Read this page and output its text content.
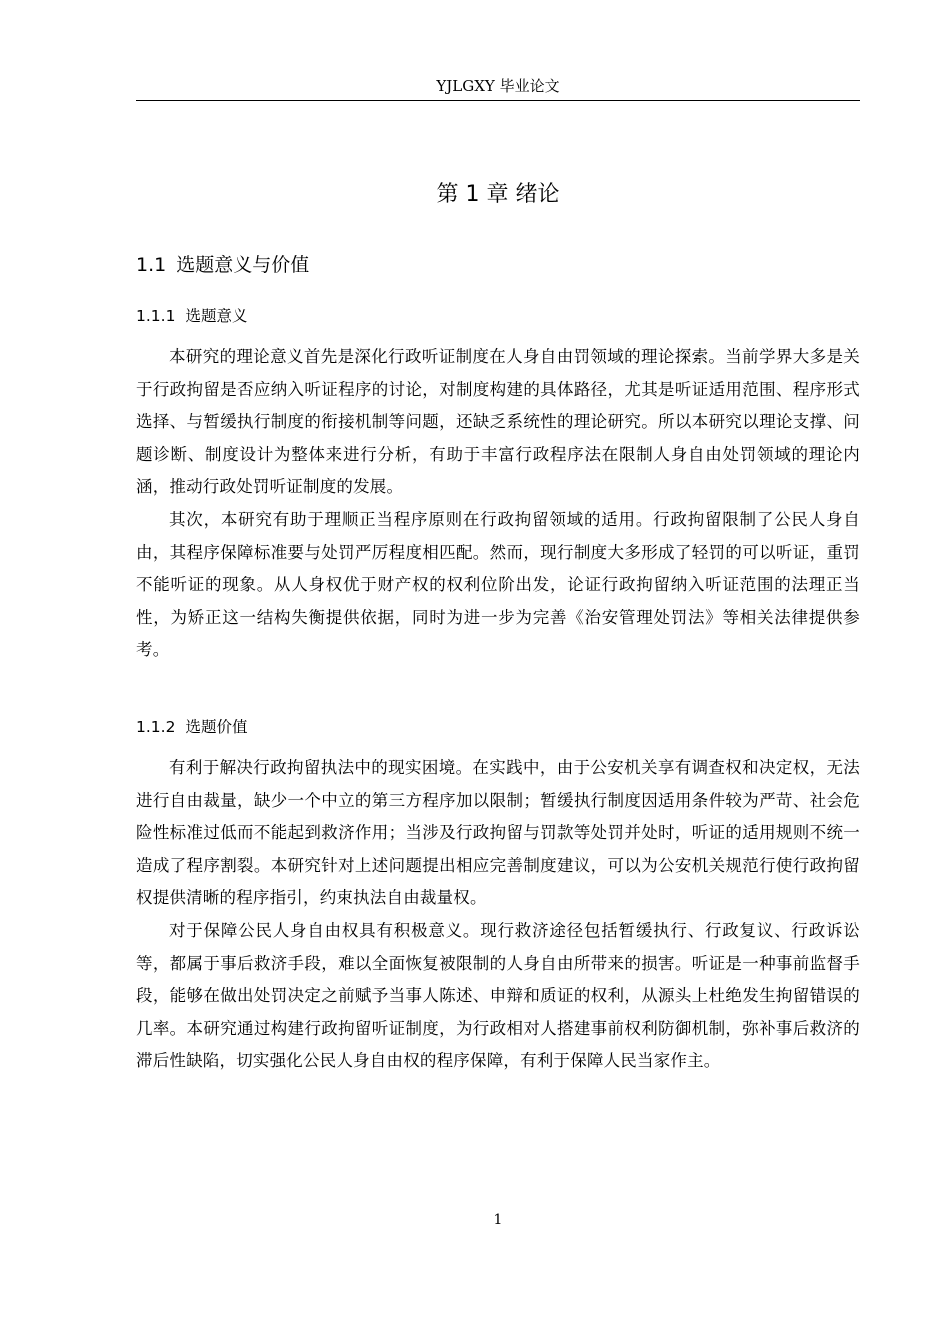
YJLGXY 毕业论文
第 1 章 绪论
1.1 选题意义与价值
1.1.1 选题意义

本研究的理论意义首先是深化行政听证制度在人身自由罚领域的理论探索。当前学界大多是关于行政拘留是否应纳入听证程序的讨论，对制度构建的具体路径，尤其是听证适用范围、程序形式选择、与暂缓执行制度的衔接机制等问题，还缺乏系统性的理论研究。所以本研究以理论支撑、问题诊断、制度设计为整体来进行分析，有助于丰富行政程序法在限制人身自由处罚领域的理论内涵，推动行政处罚听证制度的发展。

其次，本研究有助于理顺正当程序原则在行政拘留领域的适用。行政拘留限制了公民人身自由，其程序保障标准要与处罚严厉程度相匹配。然而，现行制度大多形成了轻罚的可以听证，重罚不能听证的现象。从人身权优于财产权的权利位阶出发，论证行政拘留纳入听证范围的法理正当性，为矫正这一结构失衡提供依据，同时为进一步为完善《治安管理处罚法》等相关法律提供参考。

1.1.2 选题价值

有利于解决行政拘留执法中的现实困境。在实践中，由于公安机关享有调查权和决定权，无法进行自由裁量，缺少一个中立的第三方程序加以限制；暂缓执行制度因适用条件较为严苛、社会危险性标准过低而不能起到救济作用；当涉及行政拘留与罚款等处罚并处时，听证的适用规则不统一造成了程序割裂。本研究针对上述问题提出相应完善制度建议，可以为公安机关规范行使行政拘留权提供清晰的程序指引，约束执法自由裁量权。

对于保障公民人身自由权具有积极意义。现行救济途径包括暂缓执行、行政复议、行政诉讼等，都属于事后救济手段，难以全面恢复被限制的人身自由所带来的损害。听证是一种事前监督手段，能够在做出处罚决定之前赋予当事人陈述、申辩和质证的权利，从源头上杜绝发生拘留错误的几率。本研究通过构建行政拘留听证制度，为行政相对人搭建事前权利防御机制，弥补事后救济的滞后性缺陷，切实强化公民人身自由权的程序保障，有利于保障人民当家作主。

1
